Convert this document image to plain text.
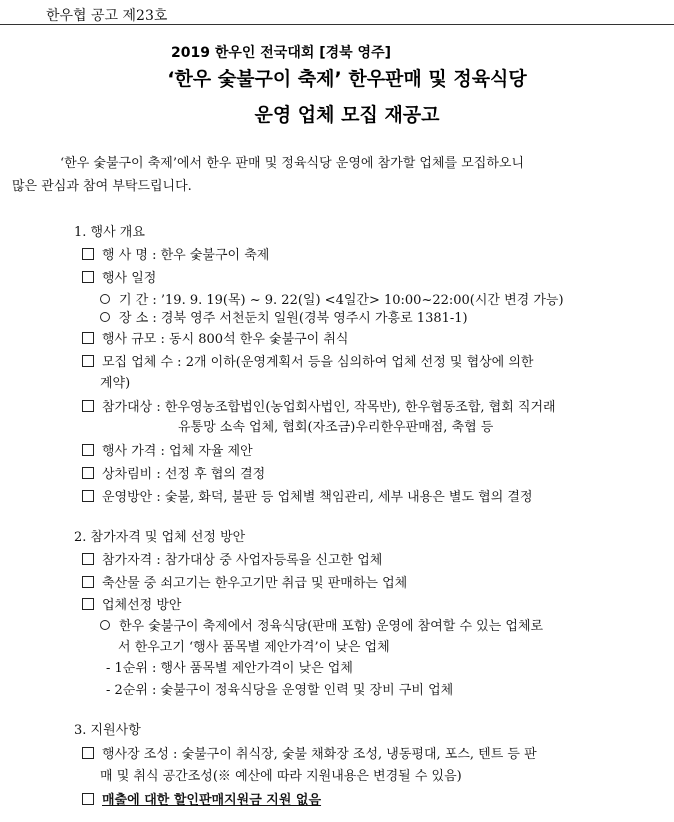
한우협 공고 제23호
2019 한우인 전국대회 [경북 영주]
‘한우 숯불구이 축제’ 한우판매 및 정육식당
운영 업체 모집 재공고
‘한우 숯불구이 축제’에서 한우 판매 및 정육식당 운영에 참가할 업체를 모집하오니
많은 관심과 참여 부탁드립니다.
1. 행사 개요
행 사 명 : 한우 숯불구이 축제
행사 일정
기 간 : ’19. 9. 19(목) ~ 9. 22(일) <4일간> 10:00~22:00(시간 변경 가능)
장 소 : 경북 영주 서천둔치 일원(경북 영주시 가흥로 1381-1)
행사 규모 : 동시 800석 한우 숯불구이 취식
모집 업체 수 : 2개 이하(운영계획서 등을 심의하여 업체 선정 및 협상에 의한
계약)
참가대상 : 한우영농조합법인(농업회사법인, 작목반), 한우협동조합, 협회 직거래
유통망 소속 업체, 협회(자조금)우리한우판매점, 축협 등
행사 가격 : 업체 자율 제안
상차림비 : 선정 후 협의 결정
운영방안 : 숯불, 화덕, 불판 등 업체별 책임관리, 세부 내용은 별도 협의 결정
2. 참가자격 및 업체 선정 방안
참가자격 : 참가대상 중 사업자등록을 신고한 업체
축산물 중 쇠고기는 한우고기만 취급 및 판매하는 업체
업체선정 방안
한우 숯불구이 축제에서 정육식당(판매 포함) 운영에 참여할 수 있는 업체로
서 한우고기 ‘행사 품목별 제안가격’이 낮은 업체
- 1순위 : 행사 품목별 제안가격이 낮은 업체
- 2순위 : 숯불구이 정육식당을 운영할 인력 및 장비 구비 업체
3. 지원사항
행사장 조성 : 숯불구이 취식장, 숯불 채화장 조성, 냉동평대, 포스, 텐트 등 판
매 및 취식 공간조성(※ 예산에 따라 지원내용은 변경될 수 있음)
매출에 대한 할인판매지원금 지원 없음
